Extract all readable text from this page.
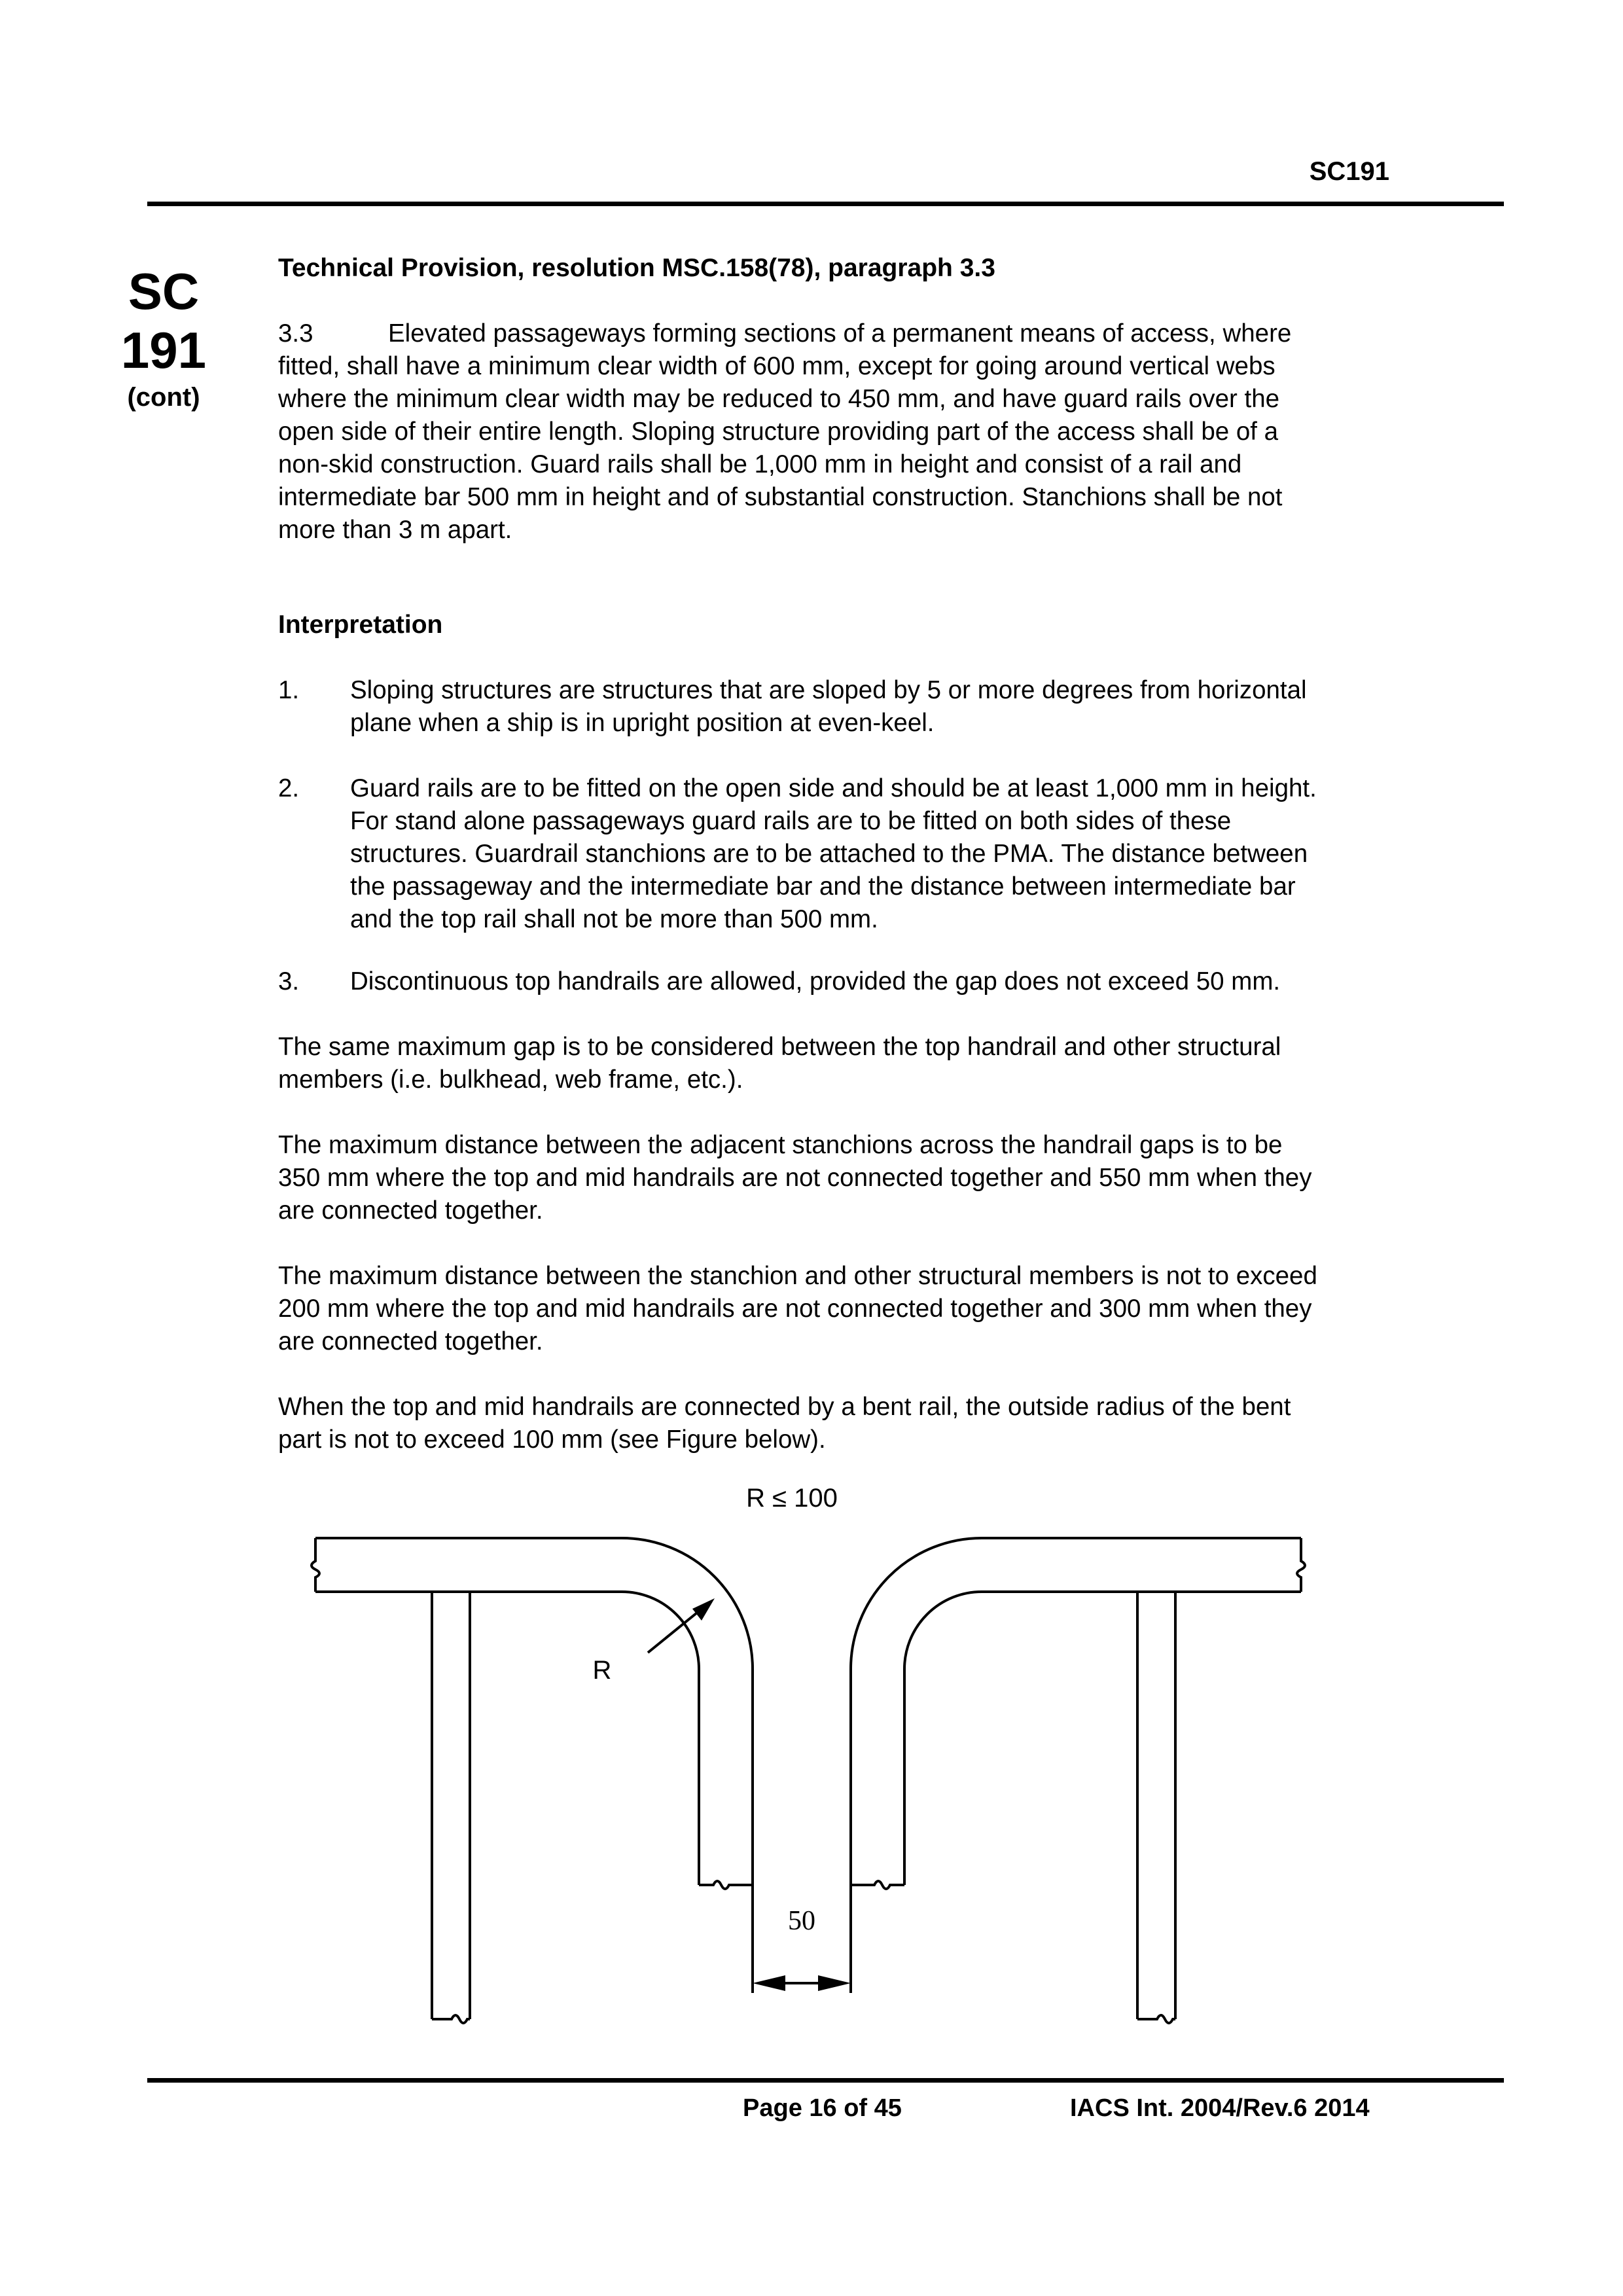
SC191
SC
191
(cont)
Technical Provision, resolution MSC.158(78), paragraph 3.3
3.3	Elevated passageways forming sections of a permanent means of access, where
fitted, shall have a minimum clear width of 600 mm, except for going around vertical webs
where the minimum clear width may be reduced to 450 mm, and have guard rails over the
open side of their entire length. Sloping structure providing part of the access shall be of a
non-skid construction. Guard rails shall be 1,000 mm in height and consist of a rail and
intermediate bar 500 mm in height and of substantial construction. Stanchions shall be not
more than 3 m apart.
Interpretation
1. Sloping structures are structures that are sloped by 5 or more degrees from horizontal
plane when a ship is in upright position at even-keel.
2. Guard rails are to be fitted on the open side and should be at least 1,000 mm in height.
For stand alone passageways guard rails are to be fitted on both sides of these
structures. Guardrail stanchions are to be attached to the PMA. The distance between
the passageway and the intermediate bar and the distance between intermediate bar
and the top rail shall not be more than 500 mm.
3. Discontinuous top handrails are allowed, provided the gap does not exceed 50 mm.
The same maximum gap is to be considered between the top handrail and other structural
members (i.e. bulkhead, web frame, etc.).
The maximum distance between the adjacent stanchions across the handrail gaps is to be
350 mm where the top and mid handrails are not connected together and 550 mm when they
are connected together.
The maximum distance between the stanchion and other structural members is not to exceed
200 mm where the top and mid handrails are not connected together and 300 mm when they
are connected together.
When the top and mid handrails are connected by a bent rail, the outside radius of the bent
part is not to exceed 100 mm (see Figure below).
R ≤ 100
R
50
Page 16 of 45	IACS Int. 2004/Rev.6 2014
